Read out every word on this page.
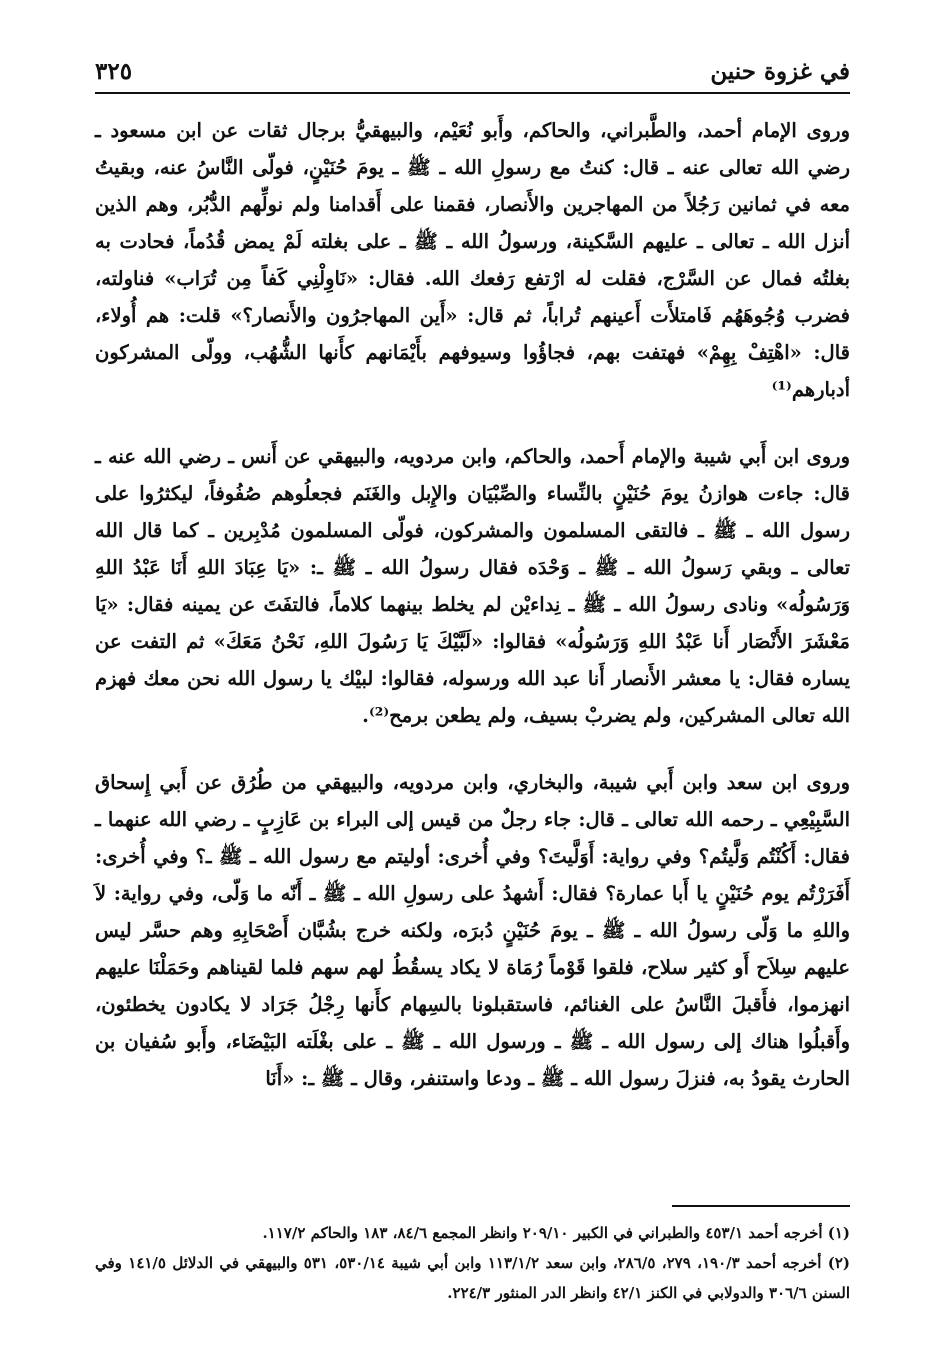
في غزوة حنين
٣٢٥

وروى الإمام أحمد، والطَّبراني، والحاكم، وأَبو نُعَيْم، والبيهقيُّ برجال ثقات عن ابن مسعود ـ رضي الله تعالى عنه ـ قال: كنتُ مع رسولِ الله ـ ﷺ ـ يومَ حُنَيْنٍ، فولّى النَّاسُ عنه، وبقيتُ معه في ثمانين رَجُلاً من المهاجرين والأَنصار، فقمنا على أَقدامنا ولم نولِّهم الدُّبُر، وهم الذين أنزل الله ـ تعالى ـ عليهم السَّكينة، ورسولُ الله ـ ﷺ ـ على بغلته لَمْ يمض قُدُماً، فحادت به بغلتُه فمال عن السَّرْج، فقلت له ارْتفع رَفعك الله. فقال: «نَاوِلْنِي كَفاً مِن تُرَاب» فناولته، فضرب وُجُوهَهُم فَامتلأَت أَعينهم تُراباً، ثم قال: «أَين المهاجرُون والأَنصار؟» قلت: هم أُولاء، قال: «اهْتِفْ بِهِمْ» فهتفت بهم، فجاؤُوا وسيوفهم بأَيْمَانهم كأَنها الشُّهُب، وولّى المشركون أدبارهم⁽¹⁾

وروى ابن أَبي شيبة والإمام أَحمد، والحاكم، وابن مردويه، والبيهقي عن أَنس ـ رضي الله عنه ـ قال: جاءت هوازنُ يومَ حُنَيْنٍ بالنِّساء والصِّبْيَان والإِبل والغَنَم فجعلُوهم صُفُوفاً، ليكثرُوا على رسول الله ـ ﷺ ـ فالتقى المسلمون والمشركون، فولّى المسلمون مُدْبِرين ـ كما قال الله تعالى ـ وبقي رَسولُ الله ـ ﷺ ـ وَحْدَه فقال رسولُ الله ـ ﷺ ـ: «يَا عِبَادَ اللهِ أَنَا عَبْدُ اللهِ وَرَسُولُه» ونادى رسولُ الله ـ ﷺ ـ نِداءيْن لم يخلط بينهما كلاماً، فالتفَتَ عن يمينه فقال: «يَا مَعْشَرَ الأَنْصَار أَنا عَبْدُ اللهِ وَرَسُولُه» فقالوا: «لَبَّيْكَ يَا رَسُولَ اللهِ، نَحْنُ مَعَكَ» ثم التفت عن يساره فقال: يا معشر الأَنصار أَنا عبد الله ورسوله، فقالوا: لبيْك يا رسول الله نحن معك فهزم الله تعالى المشركين، ولم يضربْ بسيف، ولم يطعن برمح⁽²⁾.

وروى ابن سعد وابن أَبي شيبة، والبخاري، وابن مردويه، والبيهقي من طُرُق عن أَبي إِسحاق السَّبِيْعِي ـ رحمه الله تعالى ـ قال: جاء رجلٌ من قيس إلى البراء بن عَازِبٍ ـ رضي الله عنهما ـ فقال: أَكُنْتُم وَلَّيتُم؟ وفي رواية: أَوَلَّيتَ؟ وفي أُخرى: أوليتم مع رسول الله ـ ﷺ ـ؟ وفي أُخرى: أَفَرَرْتُم يوم حُنَيْنٍ يا أَبا عمارة؟ فقال: أَشهدُ على رسولِ الله ـ ﷺ ـ أَنّه ما وَلّى، وفي رواية: لاَ واللهِ ما وَلّى رسولُ الله ـ ﷺ ـ يومَ حُنَيْنٍ دُبرَه، ولكنه خرج بشُبَّان أَصْحَابِهِ وهم حسَّر ليس عليهم سِلاَح أَو كثير سلاح، فلقوا قَوْماً رُمَاة لا يكاد يسقُطُ لهم سهم فلما لقيناهم وحَمَلْنَا عليهم انهزموا، فأَقبلَ النَّاسُ على الغنائم، فاستقبلونا بالسِهام كأَنها رِجْلُ جَرَاد لا يكادون يخطئون، وأَقبلُوا هناك إلى رسول الله ـ ﷺ ـ ورسول الله ـ ﷺ ـ على بغْلَته البَيْضَاء، وأَبو سُفيان بن الحارث يقودُ به، فنزلَ رسول الله ـ ﷺ ـ ودعا واستنفر، وقال ـ ﷺ ـ: «أَنَا

(١) أخرجه أحمد ٤٥٣/١ والطبراني في الكبير ٢٠٩/١٠ وانظر المجمع ٨٤/٦، ١٨٣ والحاكم ١١٧/٢.

(٢) أخرجه أحمد ١٩٠/٣، ٢٧٩، ٢٨٦/٥، وابن سعد ١١٣/١/٢ وابن أبي شيبة ٥٣٠/١٤، ٥٣١ والبيهقي في الدلائل ١٤١/٥ وفي السنن ٣٠٦/٦ والدولابي في الكنز ٤٢/١ وانظر الدر المنثور ٢٢٤/٣.
